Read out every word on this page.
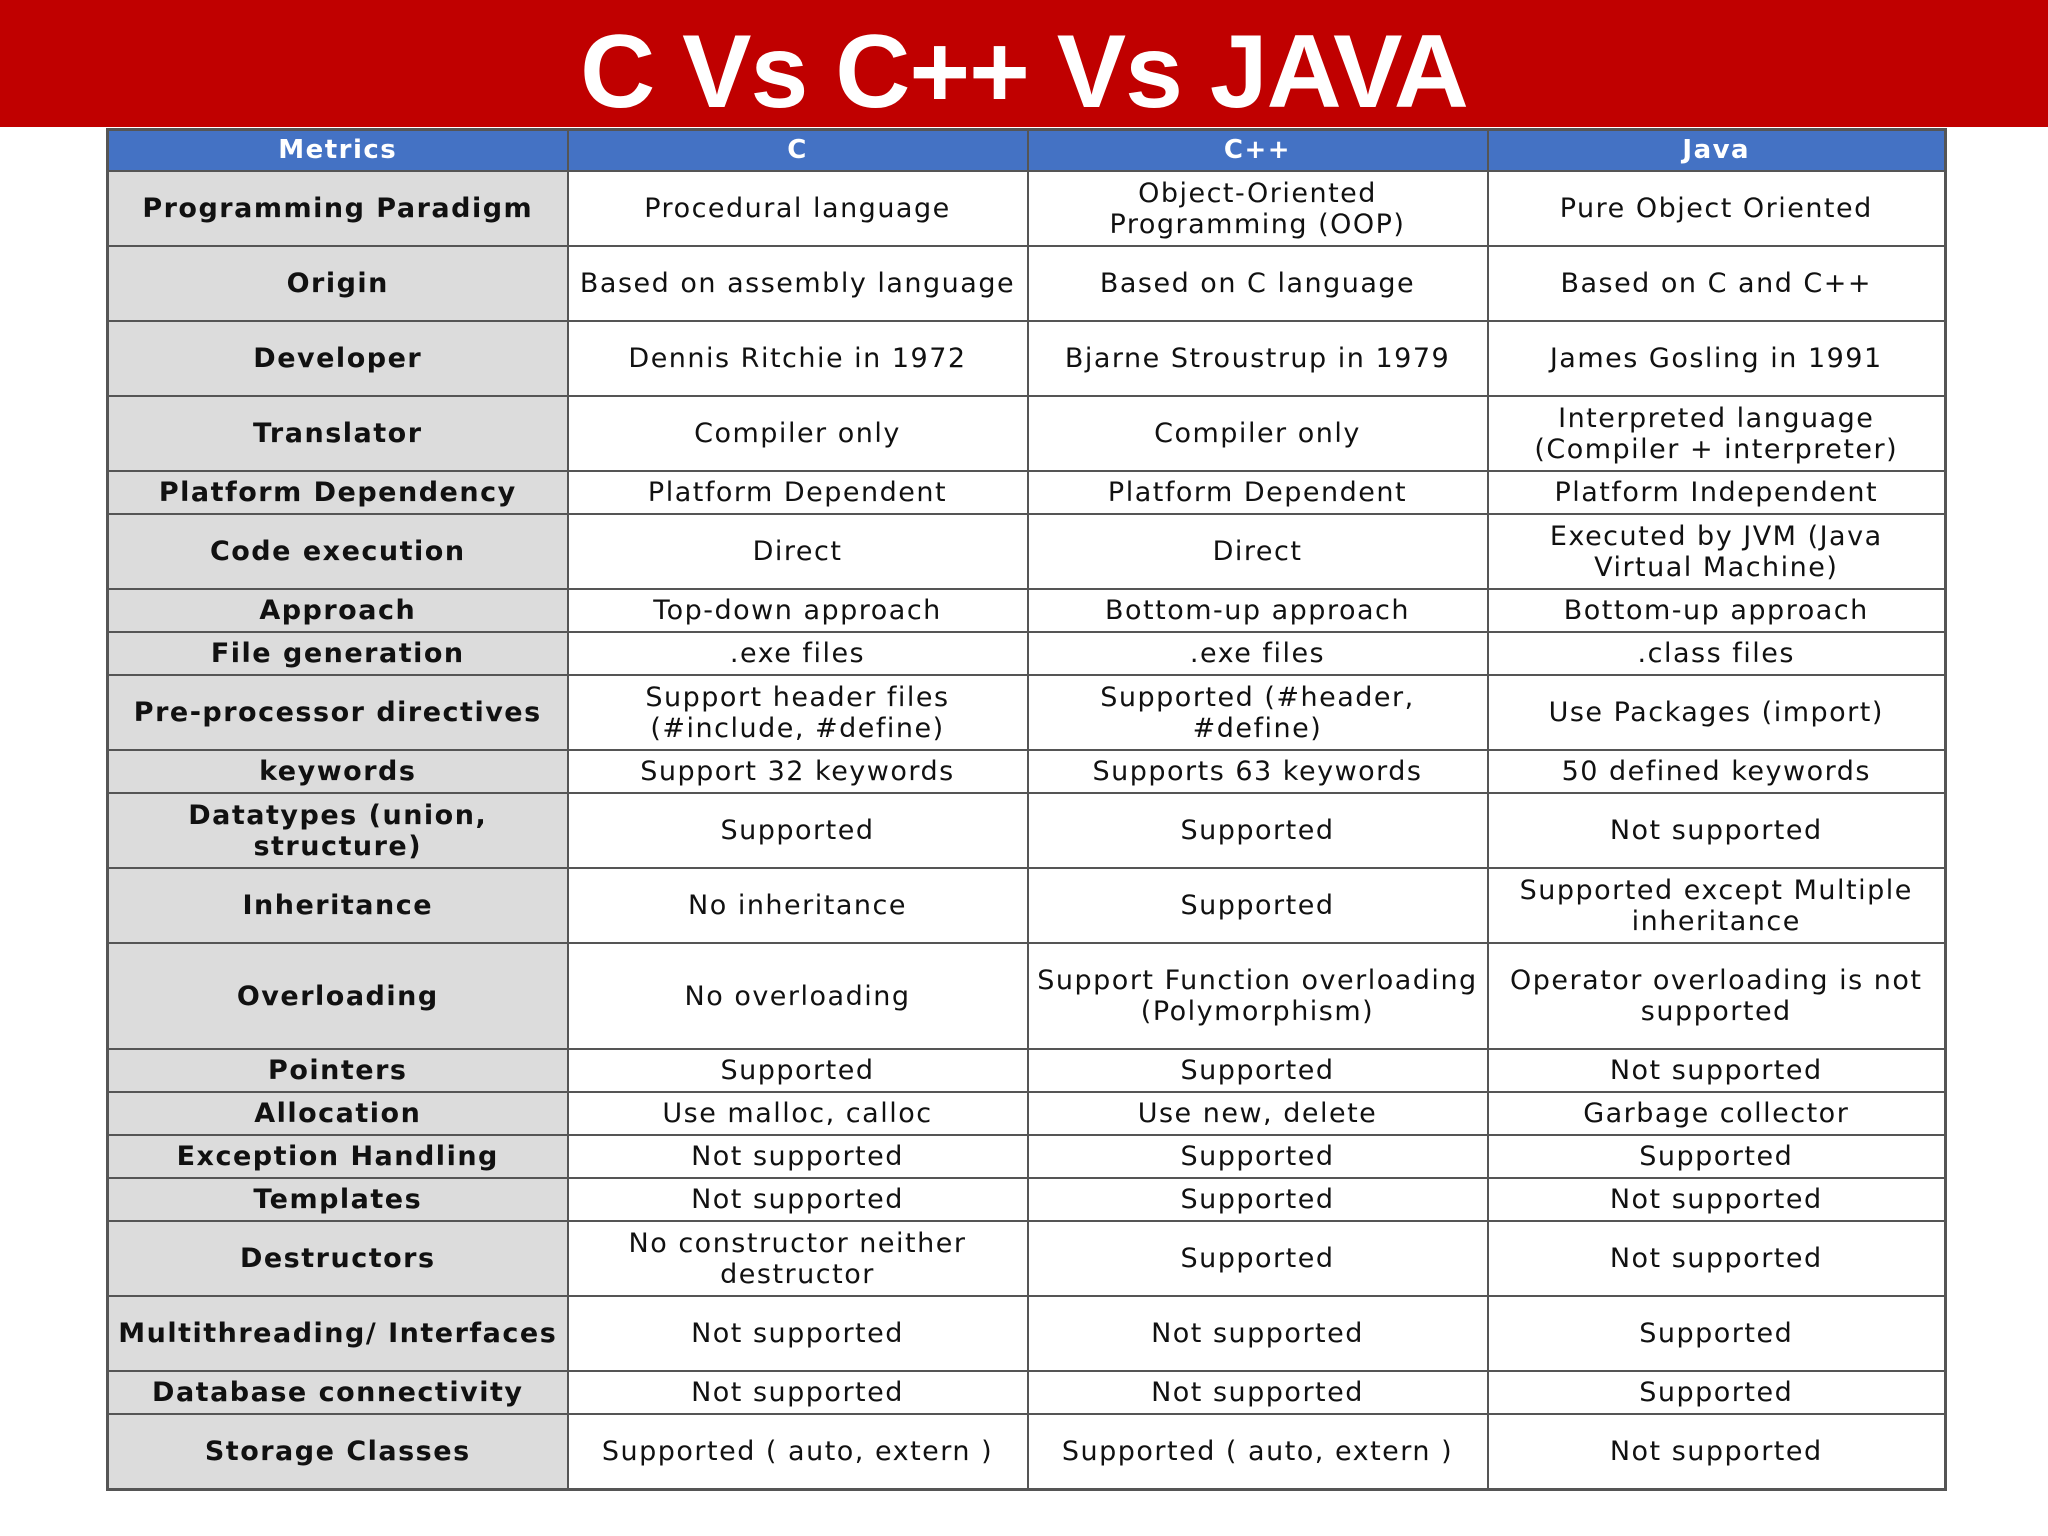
C Vs C++ Vs JAVA
Metrics	C	C++	Java
Programming Paradigm	Procedural language	Object-Oriented Programming (OOP)	Pure Object Oriented
Origin	Based on assembly language	Based on C language	Based on C and C++
Developer	Dennis Ritchie in 1972	Bjarne Stroustrup in 1979	James Gosling in 1991
Translator	Compiler only	Compiler only	Interpreted language (Compiler + interpreter)
Platform Dependency	Platform Dependent	Platform Dependent	Platform Independent
Code execution	Direct	Direct	Executed by JVM (Java Virtual Machine)
Approach	Top-down approach	Bottom-up approach	Bottom-up approach
File generation	.exe files	.exe files	.class files
Pre-processor directives	Support header files (#include, #define)	Supported (#header, #define)	Use Packages (import)
keywords	Support 32 keywords	Supports 63 keywords	50 defined keywords
Datatypes (union, structure)	Supported	Supported	Not supported
Inheritance	No inheritance	Supported	Supported except Multiple inheritance
Overloading	No overloading	Support Function overloading (Polymorphism)	Operator overloading is not supported
Pointers	Supported	Supported	Not supported
Allocation	Use malloc, calloc	Use new, delete	Garbage collector
Exception Handling	Not supported	Supported	Supported
Templates	Not supported	Supported	Not supported
Destructors	No constructor neither destructor	Supported	Not supported
Multithreading/ Interfaces	Not supported	Not supported	Supported
Database connectivity	Not supported	Not supported	Supported
Storage Classes	Supported ( auto, extern )	Supported ( auto, extern )	Not supported
